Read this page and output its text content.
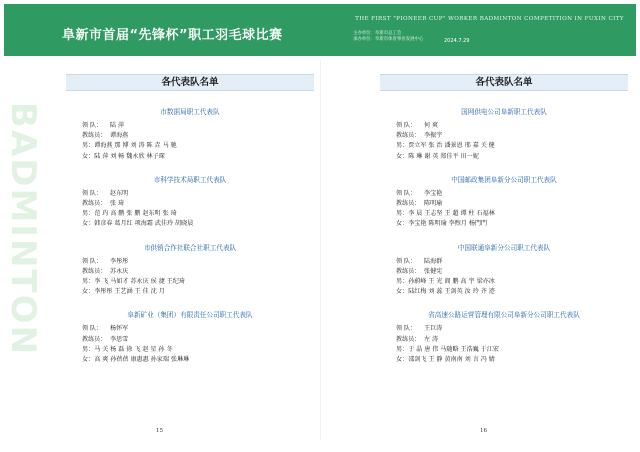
阜新市首届“先锋杯”职工羽毛球比赛
THE FIRST "PIONEER CUP" WORKER BADMINTON COMPETITION IN FUXIN CITY
主办单位：阜新市总工会
承办单位：阜新市体育事业发展中心	2024.7.29
BADMINTON
各代表队名单
市数据局职工代表队
领 队： 陆 萍
教练员： 谭海燕
男：谭海燕 那 博 刘 涛 陈 垚 马 驰
女：陆 萍 刘 畅 魏永欣 林子琛
市科学技术局职工代表队
领 队： 赵东明
教练员： 张 琦
男：范 玓 高 鹏 张 鹏 赵东明 张 琦
女：韩彦春 葛月红 项海霜 武佳玲 胡晓晨
市供销合作社联合社职工代表队
领 队： 李彤彤
教练员： 苏永庆
男：李 飞 马如才 苏永庆 侯 捷 王纪琦
女：李彤彤 王艺涵 王 佳 沈 月
阜新矿业（集团）有限责任公司职工代表队
领 队： 杨怀军
教练员： 李思雪
男：马 关 杨 磊 徐 飞 赵 星 孙 冬
女：高 爽 孙蓓蓓 康惠惠 孙家瑞 张琳琳
各代表队名单
国网供电公司阜新职工代表队
领 队： 何 爽
教练员： 李振宇
男：贾立军 张 治 潘景恩 邢 嘉 关 健
女：陈 琳 谢 英 郑佳平 田一妮
中国邮政集团阜新分公司职工代表队
领 队： 李宝艳
教练员： 陈明瑜
男：李 晨 王志坚 王 超 谭 柱 石福林
女：李宝艳 陈明瑜 李煦月 杨門門
中国联通阜新分公司职工代表队
领 队： 陆海群
教练员： 张健宪
男：孙蔚峰 王 光 阎 鹏 高 宇 梁亦冰
女：陆红梅 刘 蕊 王剑英 汝 玲 齐 迹
省高速公路运营管理有限公司阜新分公司职工代表队
领 队： 王巨涛
教练员： 左 涛
男：于 晶 唐 伟 马随略 王浩巍 于江宏
女：邵剑飞 王 静 黄南南 刘 言 冯 婧
15	16
